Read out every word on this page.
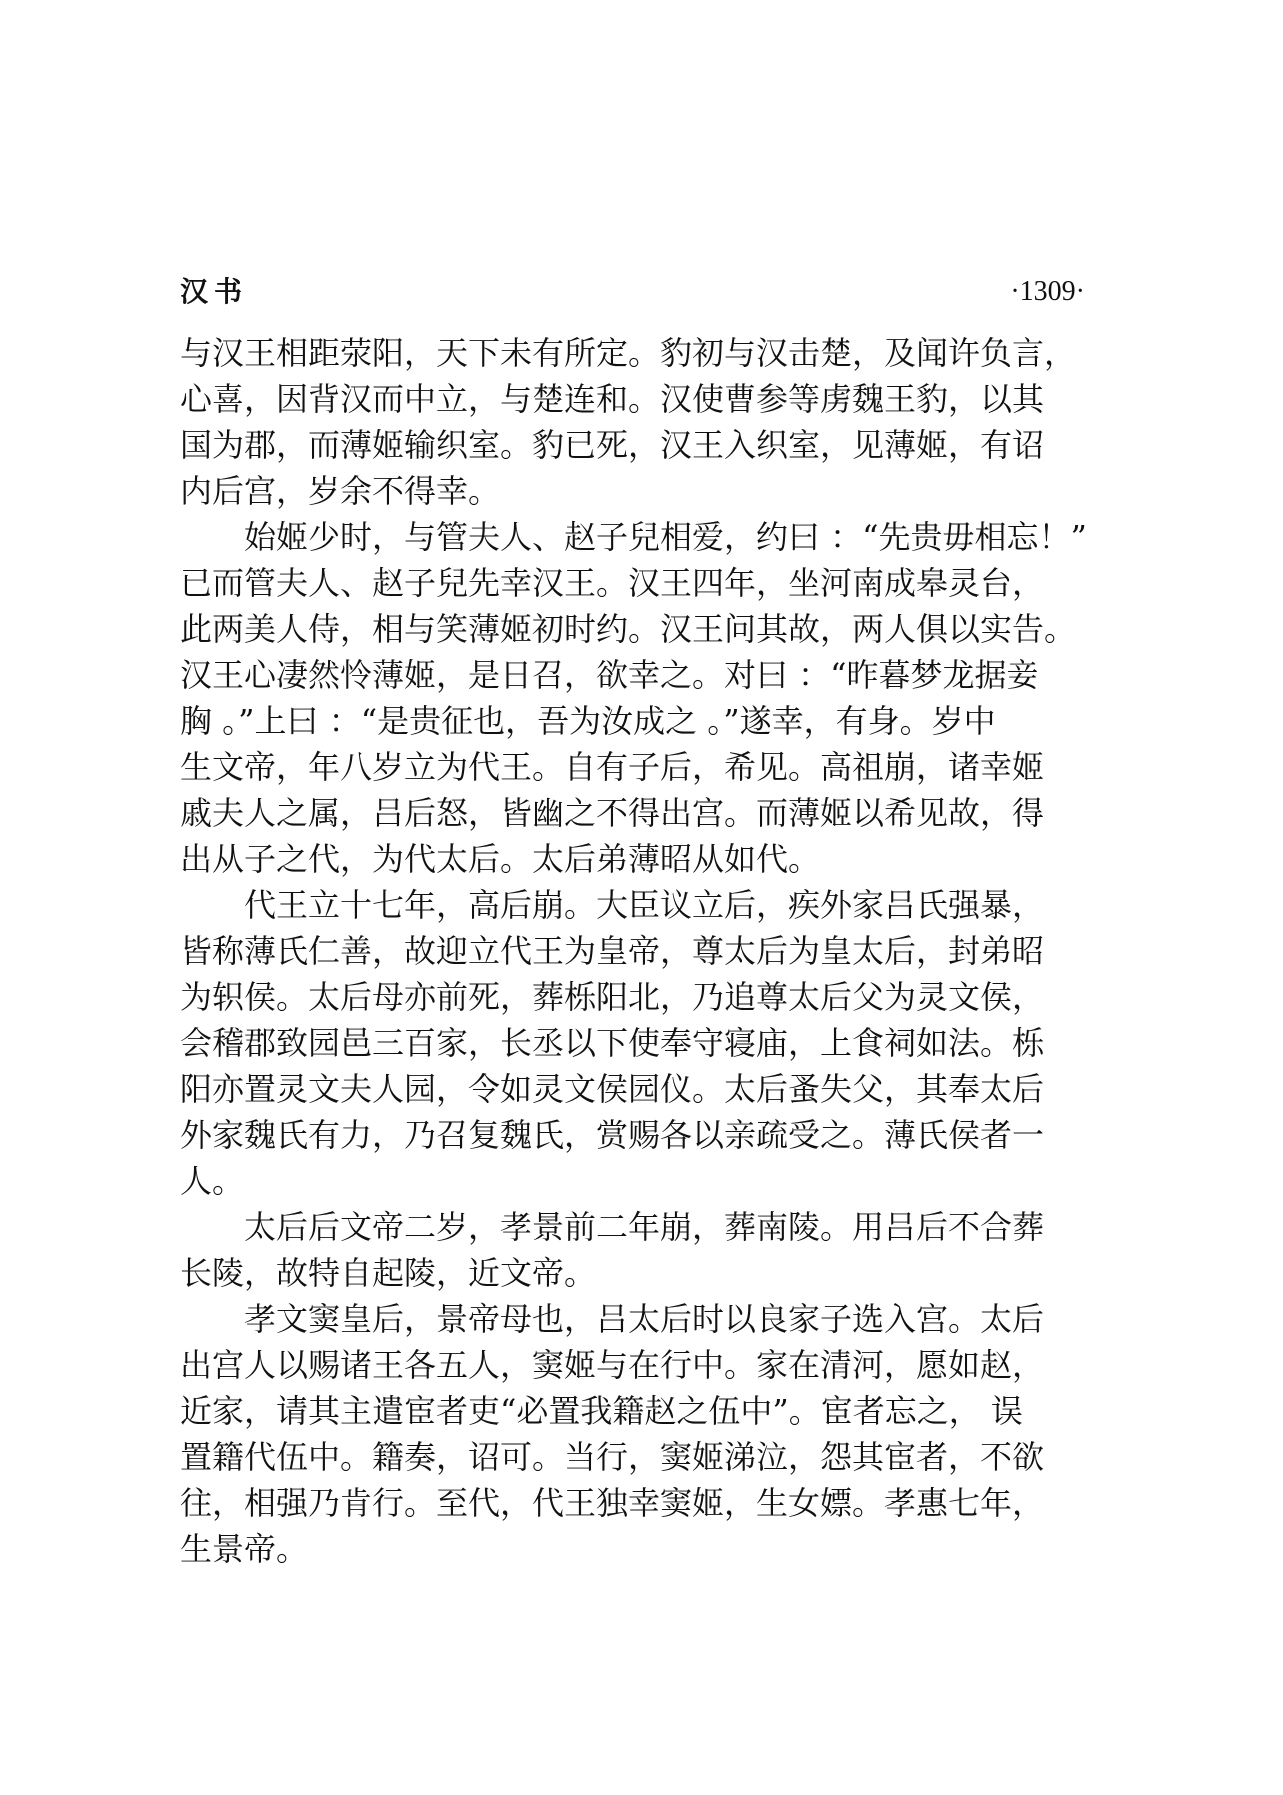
汉书	·1309·
与汉王相距荥阳，天下未有所定。豹初与汉击楚，及闻许负言，
心喜，因背汉而中立，与楚连和。汉使曹参等虏魏王豹，以其
国为郡，而薄姬输织室。豹已死，汉王入织室，见薄姬，有诏
内后宫，岁余不得幸。
始姬少时，与管夫人、赵子兒相爱，约曰 ：“先贵毋相忘！”
已而管夫人、赵子兒先幸汉王。汉王四年，坐河南成皋灵台，
此两美人侍，相与笑薄姬初时约。汉王问其故，两人俱以实告。
汉王心凄然怜薄姬，是日召，欲幸之。对曰 ：“昨暮梦龙据妾
胸 。”上曰 ：“是贵征也，吾为汝成之 。”遂幸，有身。岁中
生文帝，年八岁立为代王。自有子后，希见。高祖崩，诸幸姬
戚夫人之属，吕后怒，皆幽之不得出宫。而薄姬以希见故，得
出从子之代，为代太后。太后弟薄昭从如代。
代王立十七年，高后崩。大臣议立后，疾外家吕氏强暴，
皆称薄氏仁善，故迎立代王为皇帝，尊太后为皇太后，封弟昭
为轵侯。太后母亦前死，葬栎阳北，乃追尊太后父为灵文侯，
会稽郡致园邑三百家，长丞以下使奉守寝庙，上食祠如法。栎
阳亦置灵文夫人园，令如灵文侯园仪。太后蚤失父，其奉太后
外家魏氏有力，乃召复魏氏，赏赐各以亲疏受之。薄氏侯者一
人。
太后后文帝二岁，孝景前二年崩，葬南陵。用吕后不合葬
长陵，故特自起陵，近文帝。
孝文窦皇后，景帝母也，吕太后时以良家子选入宫。太后
出宫人以赐诸王各五人，窦姬与在行中。家在清河，愿如赵，
近家，请其主遣宦者吏“必置我籍赵之伍中”。宦者忘之， 误
置籍代伍中。籍奏，诏可。当行，窦姬涕泣，怨其宦者，不欲
往，相强乃肯行。至代，代王独幸窦姬，生女嫖。孝惠七年，
生景帝。
